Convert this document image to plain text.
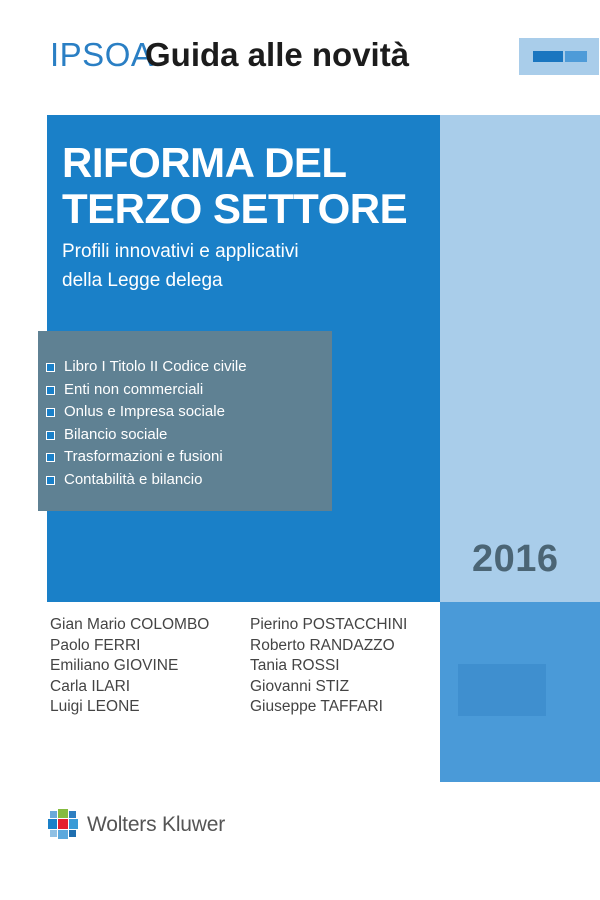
IPSOA
Guida alle novità
RIFORMA DEL
TERZO SETTORE
Profili innovativi e applicativi
della Legge delega
Libro I Titolo II Codice civile
Enti non commerciali
Onlus e Impresa sociale
Bilancio sociale
Trasformazioni e fusioni
Contabilità e bilancio
2016
Gian Mario COLOMBO
Paolo FERRI
Emiliano GIOVINE
Carla ILARI
Luigi LEONE
Pierino POSTACCHINI
Roberto RANDAZZO
Tania ROSSI
Giovanni STIZ
Giuseppe TAFFARI
Wolters Kluwer
